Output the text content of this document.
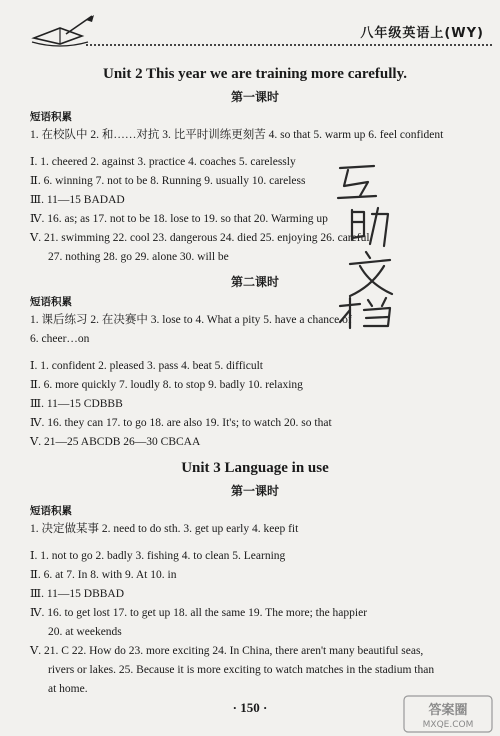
八年级英语上(WY)
Unit 2 This year we are training more carefully.
第一课时
短语积累
1. 在校队中 2. 和……对抗 3. 比平时训练更刻苦 4. so that 5. warm up 6. feel confident
Ⅰ. 1. cheered 2. against 3. practice 4. coaches 5. carelessly
Ⅱ. 6. winning 7. not to be 8. Running 9. usually 10. careless
Ⅲ. 11—15 BADAD
Ⅳ. 16. as; as 17. not to be 18. lose to 19. so that 20. Warming up
Ⅴ. 21. swimming 22. cool 23. dangerous 24. died 25. enjoying 26. careful
27. nothing 28. go 29. alone 30. will be
第二课时
短语积累
1. 课后练习 2. 在决赛中 3. lose to 4. What a pity 5. have a chance of
6. cheer…on
Ⅰ. 1. confident 2. pleased 3. pass 4. beat 5. difficult
Ⅱ. 6. more quickly 7. loudly 8. to stop 9. badly 10. relaxing
Ⅲ. 11—15 CDBBB
Ⅳ. 16. they can 17. to go 18. are also 19. It's; to watch 20. so that
Ⅴ. 21—25 ABCDB 26—30 CBCAA
Unit 3 Language in use
第一课时
短语积累
1. 决定做某事 2. need to do sth. 3. get up early 4. keep fit
Ⅰ. 1. not to go 2. badly 3. fishing 4. to clean 5. Learning
Ⅱ. 6. at 7. In 8. with 9. At 10. in
Ⅲ. 11—15 DBBAD
Ⅳ. 16. to get lost 17. to get up 18. all the same 19. The more; the happier
20. at weekends
Ⅴ. 21. C 22. How do 23. more exciting 24. In China, there aren't many beautiful seas,
rivers or lakes. 25. Because it is more exciting to watch matches in the stadium than
at home.
· 150 ·	答案圈
MXQE.COM
